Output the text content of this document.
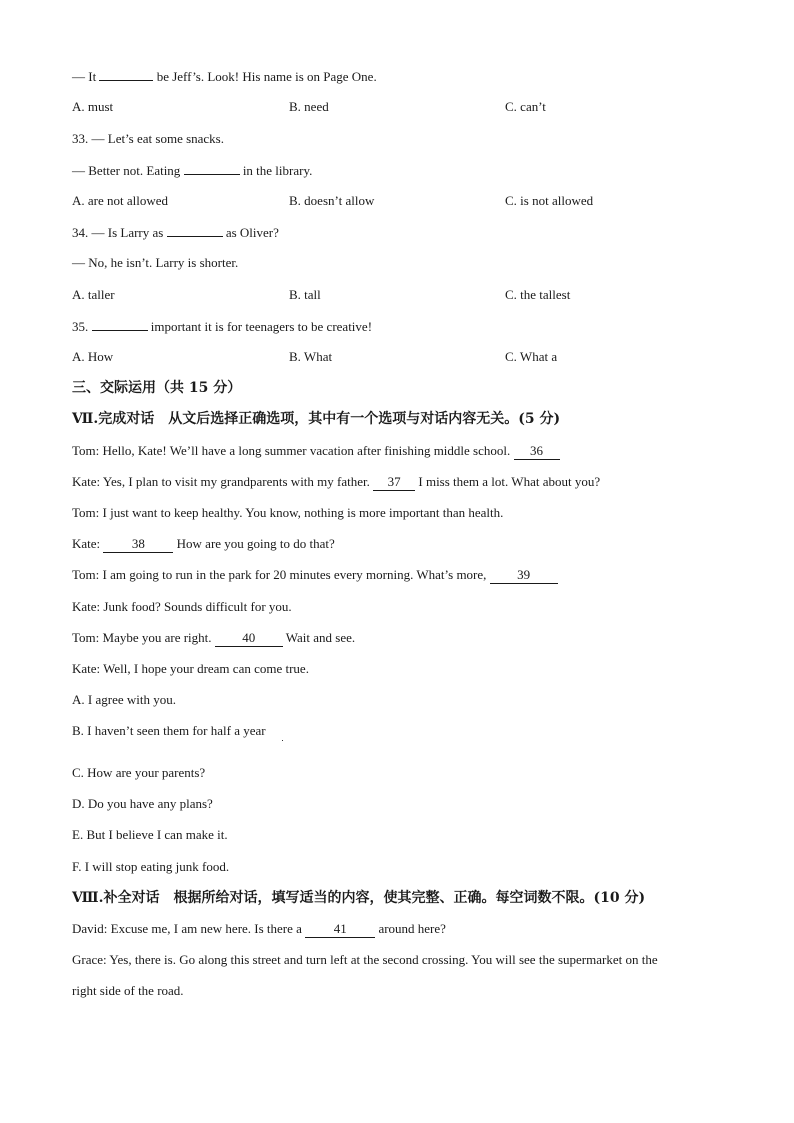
— It	be Jeff’s. Look! His name is on Page One.
A. must	B. need	C. can’t
33. — Let’s eat some snacks.
— Better not. Eating	in the library.
A. are not allowed	B. doesn’t allow	C. is not allowed
34. — Is Larry as	as Oliver?
— No, he isn’t. Larry is shorter.
A. taller	B. tall	C. the tallest
35.	important it is for teenagers to be creative!
A. How	B. What	C. What a
三、交际运用（共 15 分）
Ⅶ.完成对话　从文后选择正确选项，其中有一个选项与对话内容无关。(5 分)
Tom: Hello, Kate! We’ll have a long summer vacation after finishing middle school. 36
Kate: Yes, I plan to visit my grandparents with my father. 37 I miss them a lot. What about you?
Tom: I just want to keep healthy. You know, nothing is more important than health.
Kate: 38 How are you going to do that?
Tom: I am going to run in the park for 20 minutes every morning. What’s more, 39
Kate: Junk food? Sounds difficult for you.
Tom: Maybe you are right. 40 Wait and see.
Kate: Well, I hope your dream can come true.
A. I agree with you.
B. I haven’t seen them for half a year
C. How are your parents?
D. Do you have any plans?
E. But I believe I can make it.
F. I will stop eating junk food.
Ⅷ.补全对话　根据所给对话，填写适当的内容，使其完整、正确。每空词数不限。(10 分)
David: Excuse me, I am new here. Is there a 41 around here?
Grace: Yes, there is. Go along this street and turn left at the second crossing. You will see the supermarket on the
right side of the road.
